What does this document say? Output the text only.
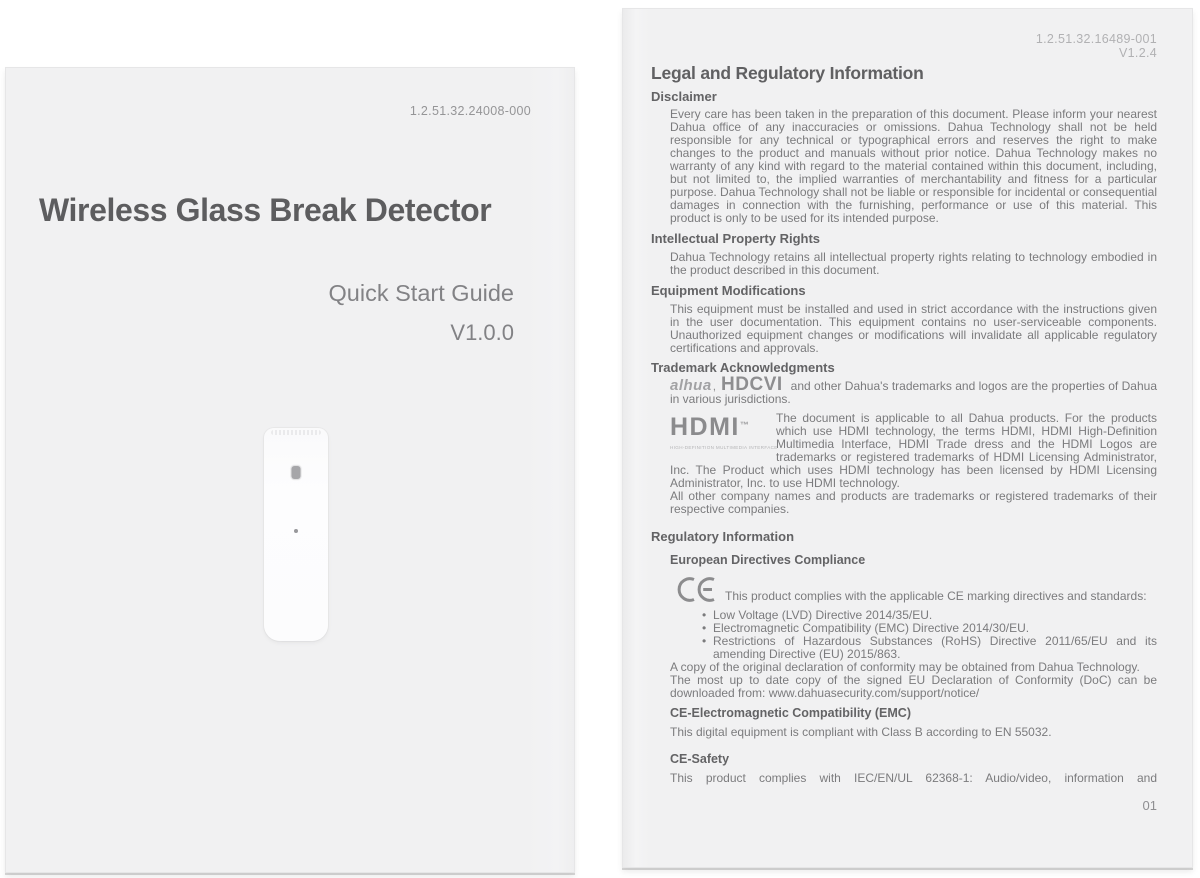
1.2.51.32.24008-000
Wireless Glass Break Detector
Quick Start Guide
V1.0.0
1.2.51.32.16489-001
V1.2.4
Legal and Regulatory Information
Disclaimer

Every care has been taken in the preparation of this document. Please inform your nearest Dahua office of any inaccuracies or omissions. Dahua Technology shall not be held responsible for any technical or typographical errors and reserves the right to make changes to the product and manuals without prior notice. Dahua Technology makes no warranty of any kind with regard to the material contained within this document, including, but not limited to, the implied warranties of merchantability and fitness for a particular purpose. Dahua Technology shall not be liable or responsible for incidental or consequential damages in connection with the furnishing, performance or use of this material. This product is only to be used for its intended purpose.

Intellectual Property Rights

Dahua Technology retains all intellectual property rights relating to technology embodied in the product described in this document.

Equipment Modifications

This equipment must be installed and used in strict accordance with the instructions given in the user documentation. This equipment contains no user-serviceable components. Unauthorized equipment changes or modifications will invalidate all applicable regulatory certifications and approvals.

Trademark Acknowledgments

alhua, HDCVI and other Dahua's trademarks and logos are the properties of Dahua in various jurisdictions.

HDMI™ HIGH-DEFINITION MULTIMEDIA INTERFACE
The document is applicable to all Dahua products. For the products which use HDMI technology, the terms HDMI, HDMI High-Definition Multimedia Interface, HDMI Trade dress and the HDMI Logos are trademarks or registered trademarks of HDMI Licensing Administrator, Inc. The Product which uses HDMI technology has been licensed by HDMI Licensing Administrator, Inc. to use HDMI technology.

All other company names and products are trademarks or registered trademarks of their respective companies.

Regulatory Information
European Directives Compliance
This product complies with the applicable CE marking directives and standards:
• Low Voltage (LVD) Directive 2014/35/EU.
• Electromagnetic Compatibility (EMC) Directive 2014/30/EU.
• Restrictions of Hazardous Substances (RoHS) Directive 2011/65/EU and its amending Directive (EU) 2015/863.

A copy of the original declaration of conformity may be obtained from Dahua Technology.

The most up to date copy of the signed EU Declaration of Conformity (DoC) can be downloaded from: www.dahuasecurity.com/support/notice/

CE-Electromagnetic Compatibility (EMC)

This digital equipment is compliant with Class B according to EN 55032.

CE-Safety

This product complies with IEC/EN/UL 62368-1: Audio/video, information and

01
